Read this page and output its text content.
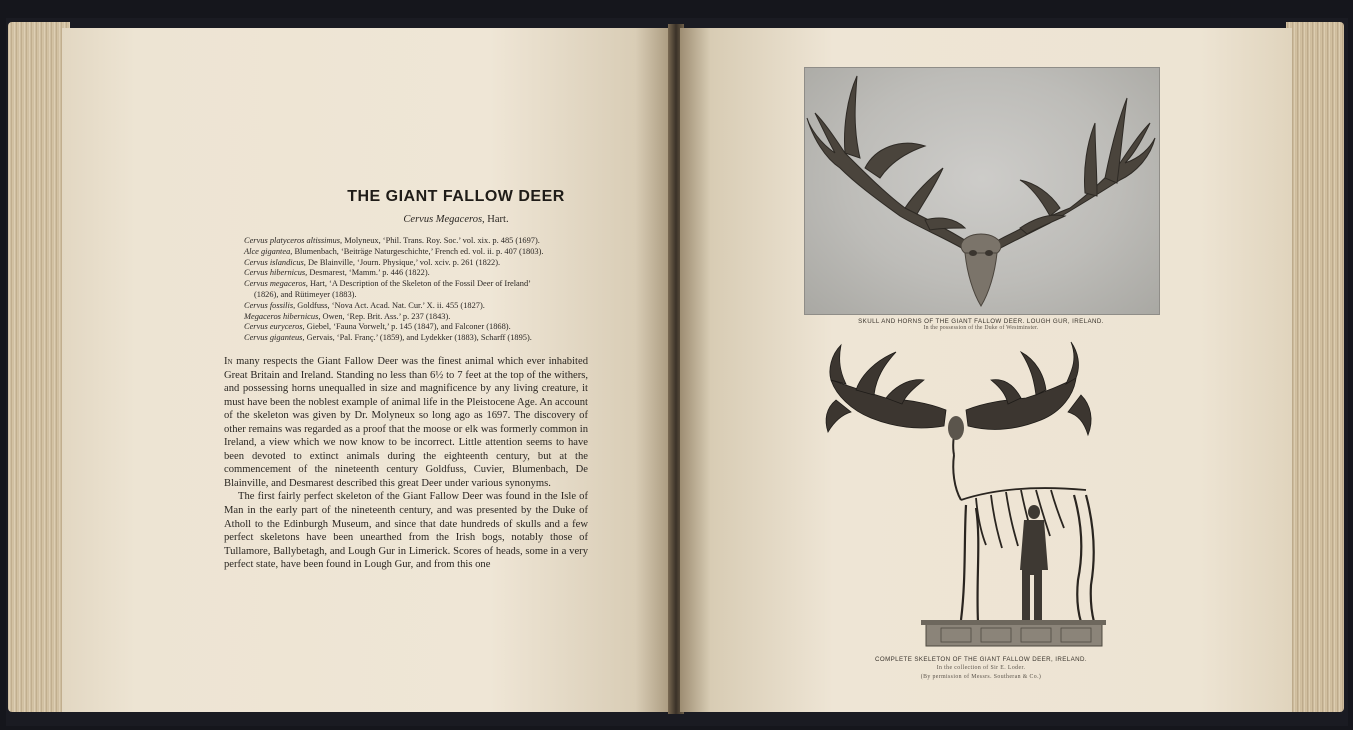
THE GIANT FALLOW DEER
Cervus Megaceros, Hart.
Cervus platyceros altissimus, Molyneux, ‘Phil. Trans. Roy. Soc.’ vol. xix. p. 485 (1697).
Alce gigantea, Blumenbach, ‘Beiträge Naturgeschichte,’ French ed. vol. ii. p. 407 (1803).
Cervus islandicus, De Blainville, ‘Journ. Physique,’ vol. xciv. p. 261 (1822).
Cervus hibernicus, Desmarest, ‘Mamm.’ p. 446 (1822).
Cervus megaceros, Hart, ‘A Description of the Skeleton of the Fossil Deer of Ireland’
(1826), and Rütimeyer (1883).
Cervus fossilis, Goldfuss, ‘Nova Act. Acad. Nat. Cur.’ X. ii. 455 (1827).
Megaceros hibernicus, Owen, ‘Rep. Brit. Ass.’ p. 237 (1843).
Cervus euryceros, Giebel, ‘Fauna Vorwelt,’ p. 145 (1847), and Falconer (1868).
Cervus giganteus, Gervais, ‘Pal. Franç.’ (1859), and Lydekker (1883), Scharff (1895).

In many respects the Giant Fallow Deer was the finest animal which ever inhabited Great Britain and Ireland. Standing no less than 6½ to 7 feet at the top of the withers, and possessing horns unequalled in size and magnificence by any living creature, it must have been the noblest example of animal life in the Pleistocene Age. An account of the skeleton was given by Dr. Molyneux so long ago as 1697. The discovery of other remains was regarded as a proof that the moose or elk was formerly common in Ireland, a view which we now know to be incorrect. Little attention seems to have been devoted to extinct animals during the eighteenth century, but at the commencement of the nineteenth century Goldfuss, Cuvier, Blumenbach, De Blainville, and Desmarest described this great Deer under various synonyms.

The first fairly perfect skeleton of the Giant Fallow Deer was found in the Isle of Man in the early part of the nineteenth century, and was presented by the Duke of Atholl to the Edinburgh Museum, and since that date hundreds of skulls and a few perfect skeletons have been unearthed from the Irish bogs, notably those of Tullamore, Ballybetagh, and Lough Gur in Limerick. Scores of heads, some in a very perfect state, have been found in Lough Gur, and from this one

SKULL AND HORNS OF THE GIANT FALLOW DEER. LOUGH GUR, IRELAND.
In the possession of the Duke of Westminster.
COMPLETE SKELETON OF THE GIANT FALLOW DEER, IRELAND.
In the collection of Sir E. Loder.
(By permission of Messrs. Southeran & Co.)
